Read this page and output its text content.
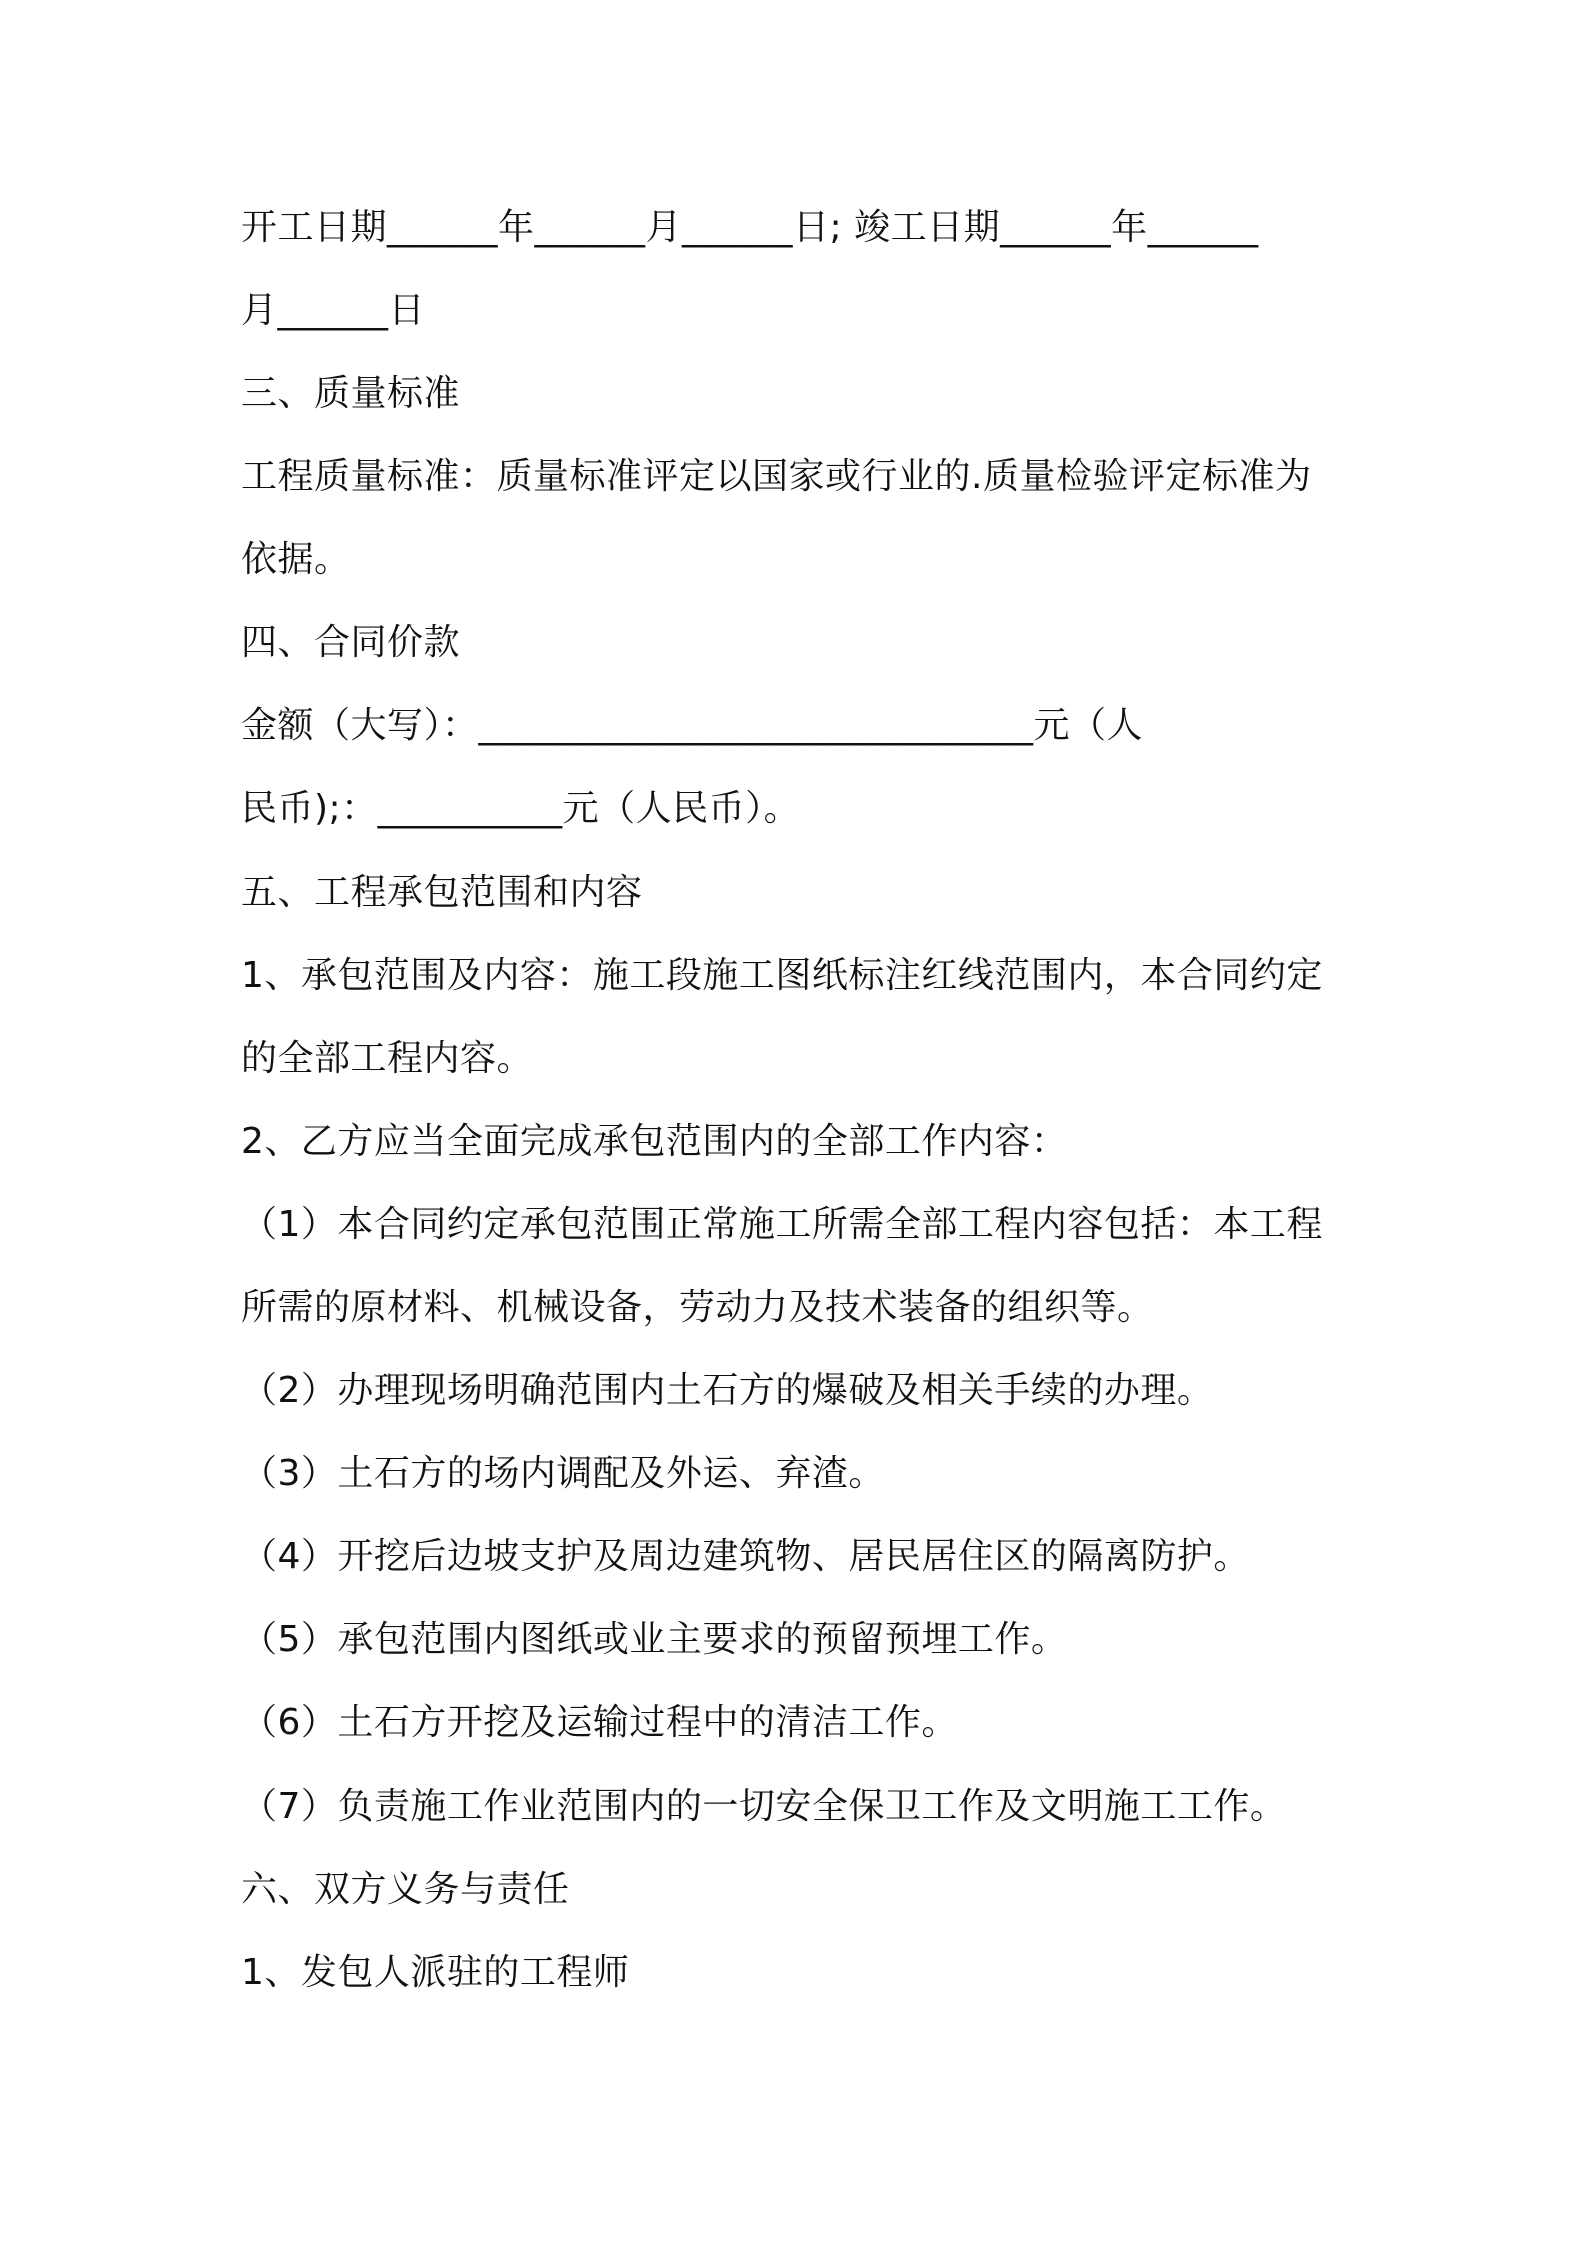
开工日期______年______月______日; 竣工日期______年______
月______日
三、质量标准
工程质量标准：质量标准评定以国家或行业的.质量检验评定标准为
依据。
四、合同价款
金额（大写）：______________________________元（人
民币);：__________元（人民币）。
五、工程承包范围和内容
1、承包范围及内容：施工段施工图纸标注红线范围内，本合同约定
的全部工程内容。
2、乙方应当全面完成承包范围内的全部工作内容：
（1）本合同约定承包范围正常施工所需全部工程内容包括：本工程
所需的原材料、机械设备，劳动力及技术装备的组织等。
（2）办理现场明确范围内土石方的爆破及相关手续的办理。
（3）土石方的场内调配及外运、弃渣。
（4）开挖后边坡支护及周边建筑物、居民居住区的隔离防护。
（5）承包范围内图纸或业主要求的预留预埋工作。
（6）土石方开挖及运输过程中的清洁工作。
（7）负责施工作业范围内的一切安全保卫工作及文明施工工作。
六、双方义务与责任
1、发包人派驻的工程师
